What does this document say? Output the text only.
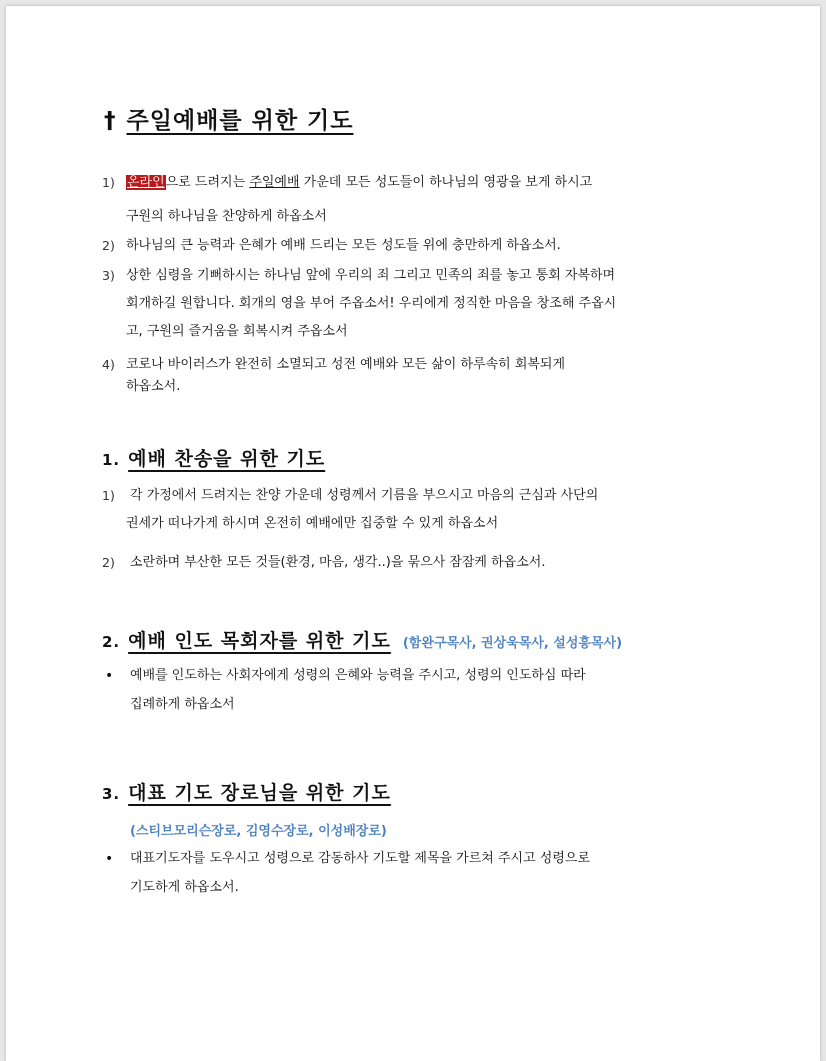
† 주일예배를 위한 기도
1) 온라인으로 드려지는 주일예배 가운데 모든 성도들이 하나님의 영광을 보게 하시고
구원의 하나님을 찬양하게 하옵소서
2) 하나님의 큰 능력과 은혜가 예배 드리는 모든 성도들 위에 충만하게 하옵소서.
3) 상한 심령을 기뻐하시는 하나님 앞에 우리의 죄 그리고 민족의 죄를 놓고 통회 자복하며
회개하길 원합니다. 회개의 영을 부어 주옵소서! 우리에게 정직한 마음을 창조해 주옵시
고, 구원의 즐거움을 회복시켜 주옵소서
4) 코로나 바이러스가 완전히 소멸되고 성전 예배와 모든 삶이 하루속히 회복되게
하옵소서.
1. 예배 찬송을 위한 기도
1) 각 가정에서 드려지는 찬양 가운데 성령께서 기름을 부으시고 마음의 근심과 사단의
권세가 떠나가게 하시며 온전히 예배에만 집중할 수 있게 하옵소서
2) 소란하며 부산한 모든 것들(환경, 마음, 생각..)을 묶으사 잠잠케 하옵소서.
2. 예배 인도 목회자를 위한 기도 (함완구목사, 권상욱목사, 설성흥목사)
• 예배를 인도하는 사회자에게 성령의 은혜와 능력을 주시고, 성령의 인도하심 따라
집례하게 하옵소서
3. 대표 기도 장로님을 위한 기도
(스티브모리슨장로, 김영수장로, 이성배장로)
• 대표기도자를 도우시고 성령으로 감동하사 기도할 제목을 가르쳐 주시고 성령으로
기도하게 하옵소서.
